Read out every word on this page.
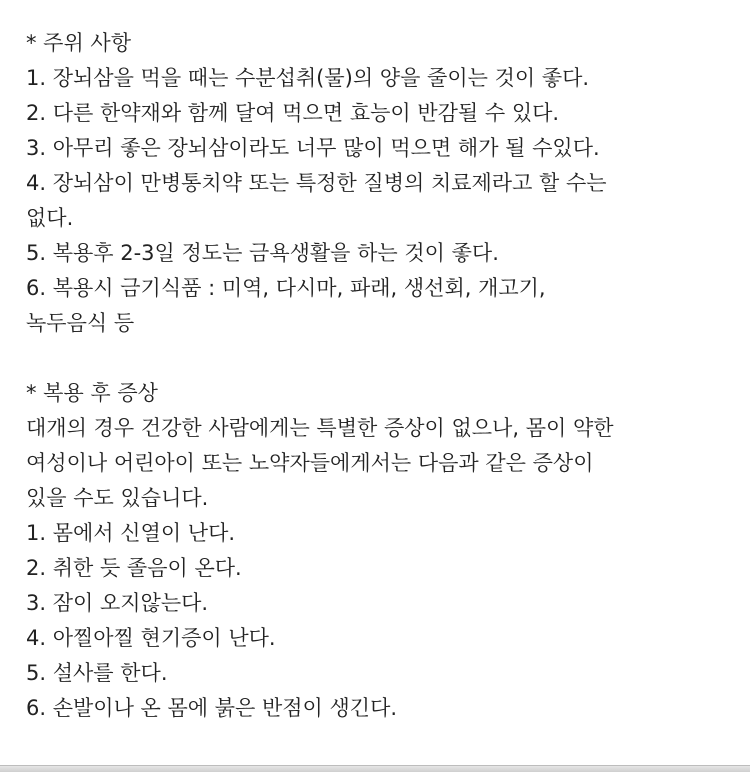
* 주위 사항
1. 장뇌삼을 먹을 때는 수분섭취(물)의 양을 줄이는 것이 좋다.
2. 다른 한약재와 함께 달여 먹으면 효능이 반감될 수 있다.
3. 아무리 좋은 장뇌삼이라도 너무 많이 먹으면 해가 될 수있다.
4. 장뇌삼이 만병통치약 또는 특정한 질병의 치료제라고 할 수는
없다.
5. 복용후 2-3일 정도는 금욕생활을 하는 것이 좋다.
6. 복용시 금기식품 : 미역, 다시마, 파래, 생선회, 개고기,
녹두음식 등
* 복용 후 증상
대개의 경우 건강한 사람에게는 특별한 증상이 없으나, 몸이 약한
여성이나 어린아이 또는 노약자들에게서는 다음과 같은 증상이
있을 수도 있습니다.
1. 몸에서 신열이 난다.
2. 취한 듯 졸음이 온다.
3. 잠이 오지않는다.
4. 아찔아찔 현기증이 난다.
5. 설사를 한다.
6. 손발이나 온 몸에 붉은 반점이 생긴다.
